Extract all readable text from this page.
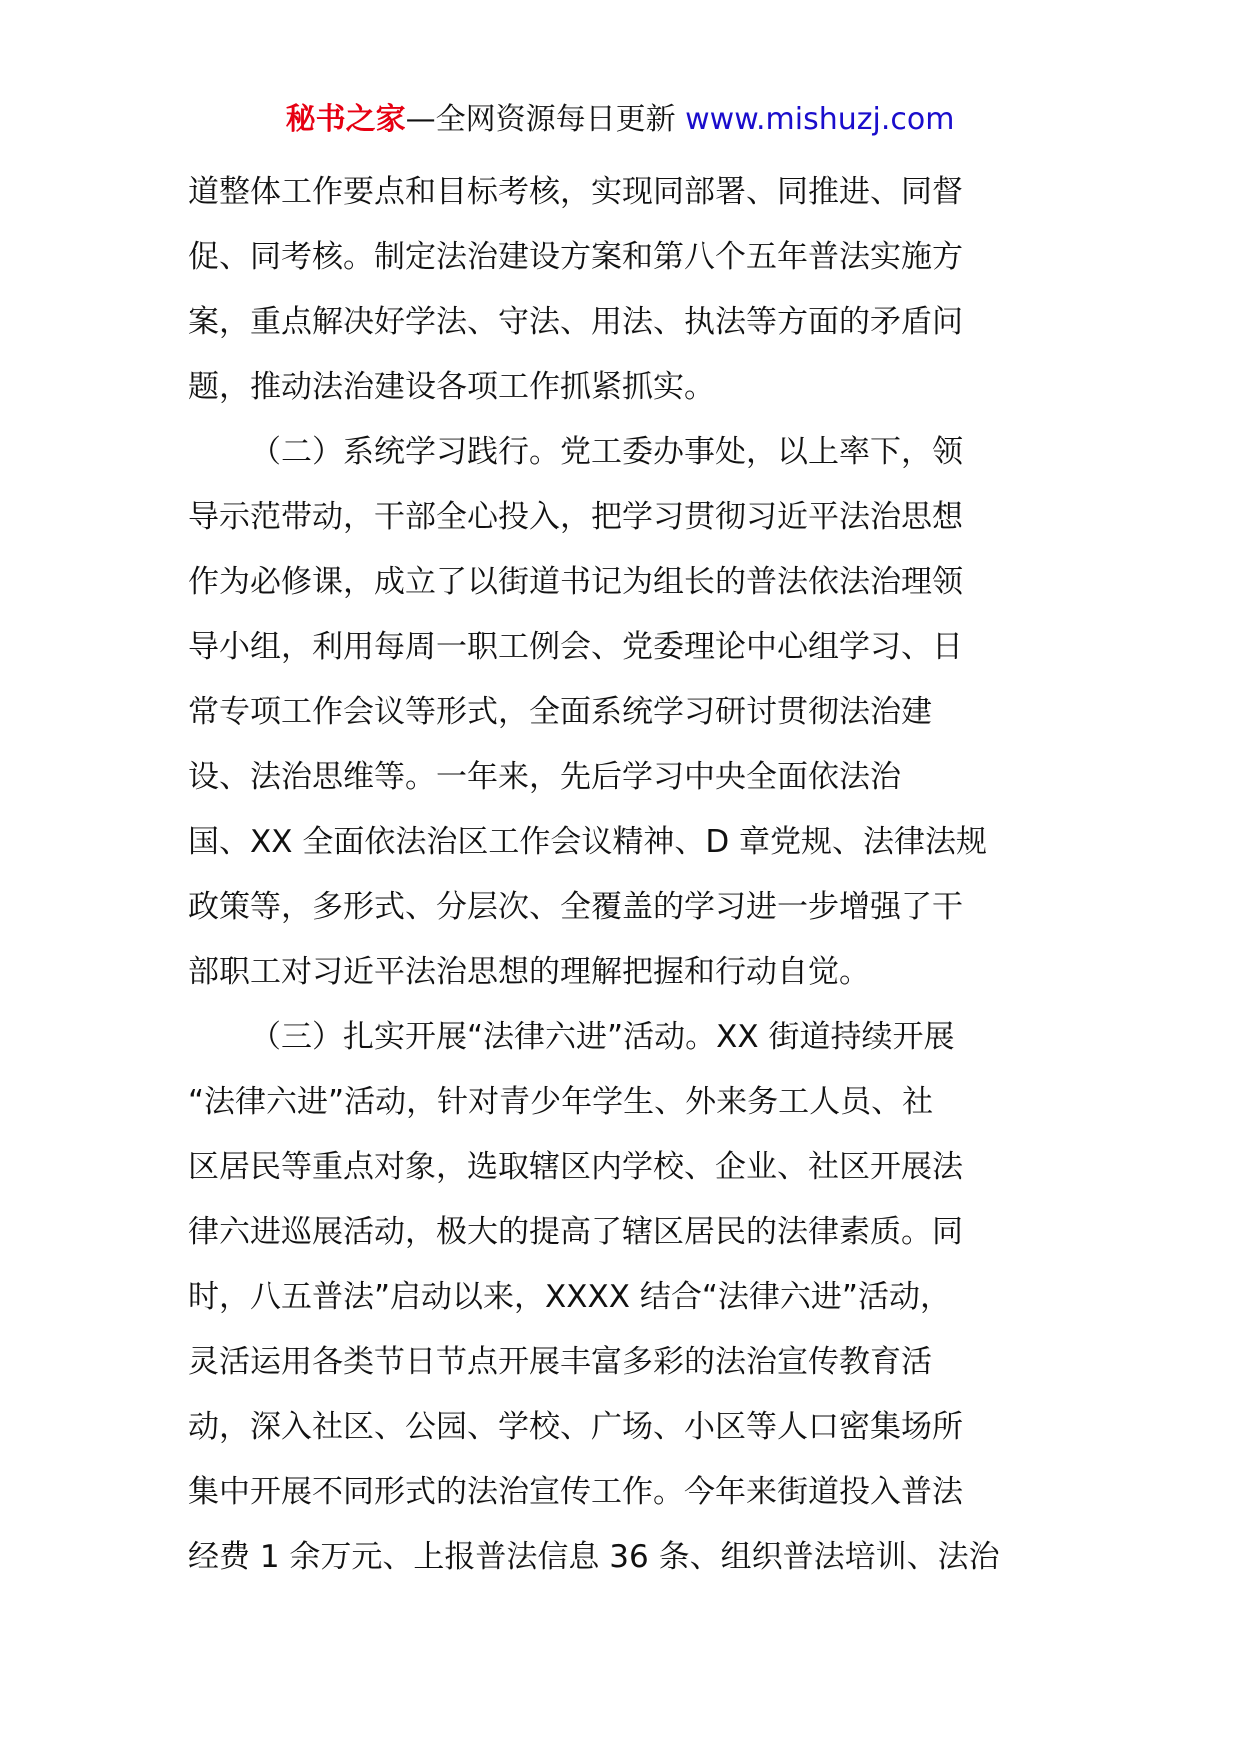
秘书之家—全网资源每日更新 www.mishuzj.com
道整体工作要点和目标考核，实现同部署、同推进、同督
促、同考核。制定法治建设方案和第八个五年普法实施方
案，重点解决好学法、守法、用法、执法等方面的矛盾问
题，推动法治建设各项工作抓紧抓实。
（二）系统学习践行。党工委办事处，以上率下，领
导示范带动，干部全心投入，把学习贯彻习近平法治思想
作为必修课，成立了以街道书记为组长的普法依法治理领
导小组，利用每周一职工例会、党委理论中心组学习、日
常专项工作会议等形式，全面系统学习研讨贯彻法治建
设、法治思维等。一年来，先后学习中央全面依法治
国、XX 全面依法治区工作会议精神、D 章党规、法律法规
政策等，多形式、分层次、全覆盖的学习进一步增强了干
部职工对习近平法治思想的理解把握和行动自觉。
（三）扎实开展“法律六进”活动。XX 街道持续开展
“法律六进”活动，针对青少年学生、外来务工人员、社
区居民等重点对象，选取辖区内学校、企业、社区开展法
律六进巡展活动，极大的提高了辖区居民的法律素质。同
时，八五普法”启动以来，XXXX 结合“法律六进”活动，
灵活运用各类节日节点开展丰富多彩的法治宣传教育活
动，深入社区、公园、学校、广场、小区等人口密集场所
集中开展不同形式的法治宣传工作。今年来街道投入普法
经费 1 余万元、上报普法信息 36 条、组织普法培训、法治
